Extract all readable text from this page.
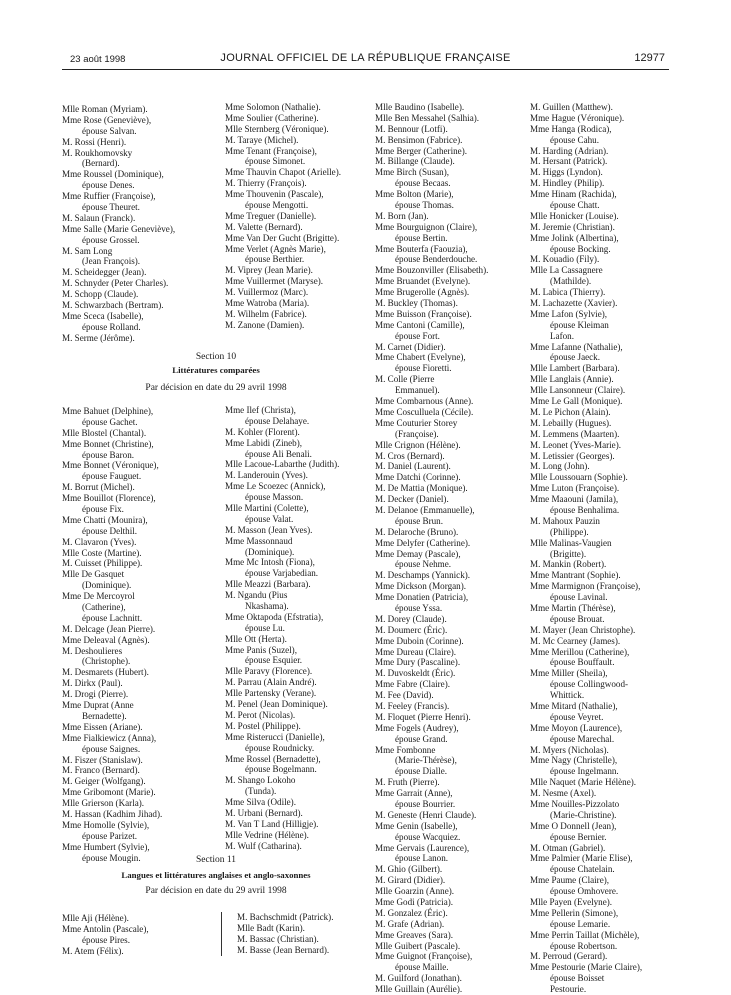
23 août 1998	JOURNAL OFFICIEL DE LA RÉPUBLIQUE FRANÇAISE	12977
Mlle Roman (Myriam).
Mme Rose (Geneviève),
épouse Salvan.
M. Rossi (Henri).
M. Roukhomovsky
(Bernard).
Mme Roussel (Dominique),
épouse Denes.
Mme Ruffier (Françoise),
épouse Theuret.
M. Salaun (Franck).
Mme Salle (Marie Geneviève),
épouse Grossel.
M. Sam Long
(Jean François).
M. Scheidegger (Jean).
M. Schnyder (Peter Charles).
M. Schopp (Claude).
M. Schwarzbach (Bertram).
Mme Sceca (Isabelle),
épouse Rolland.
M. Serme (Jérôme).
Mme Solomon (Nathalie).
Mme Soulier (Catherine).
Mlle Sternberg (Véronique).
M. Taraye (Michel).
Mme Tenant (Françoise),
épouse Simonet.
Mme Thauvin Chapot (Arielle).
M. Thierry (François).
Mme Thouvenin (Pascale),
épouse Mengotti.
Mme Treguer (Danielle).
M. Valette (Bernard).
Mme Van Der Gucht (Brigitte).
Mme Verlet (Agnès Marie),
épouse Berthier.
M. Viprey (Jean Marie).
Mme Vuillermet (Maryse).
M. Vuillermoz (Marc).
Mme Watroba (Maria).
M. Wilhelm (Fabrice).
M. Zanone (Damien).
Section 10
Littératures comparées
Par décision en date du 29 avril 1998
Mme Bahuet (Delphine),
épouse Gachet.
Mlle Blostel (Chantal).
Mme Bonnet (Christine),
épouse Baron.
Mme Bonnet (Véronique),
épouse Fauguet.
M. Borrut (Michel).
Mme Bouillot (Florence),
épouse Fix.
Mme Chatti (Mounira),
épouse Delthil.
M. Clavaron (Yves).
Mlle Coste (Martine).
M. Cuisset (Philippe).
Mlle De Gasquet
(Dominique).
Mme De Mercoyrol
(Catherine),
épouse Lachnitt.
M. Delcage (Jean Pierre).
Mme Deleaval (Agnès).
M. Deshoulieres
(Christophe).
M. Desmarets (Hubert).
M. Dirkx (Paul).
M. Drogi (Pierre).
Mme Duprat (Anne
Bernadette).
Mme Eissen (Ariane).
Mme Fialkiewicz (Anna),
épouse Saignes.
M. Fiszer (Stanislaw).
M. Franco (Bernard).
M. Geiger (Wolfgang).
Mme Gribomont (Marie).
Mlle Grierson (Karla).
M. Hassan (Kadhim Jihad).
Mme Homolle (Sylvie),
épouse Parizet.
Mme Humbert (Sylvie),
épouse Mougin.
Mme Ilef (Christa),
épouse Delahaye.
M. Kohler (Florent).
Mme Labidi (Zineb),
épouse Ali Benali.
Mlle Lacoue-Labarthe (Judith).
M. Landerouin (Yves).
Mme Le Scoezec (Annick),
épouse Masson.
Mlle Martini (Colette),
épouse Valat.
M. Masson (Jean Yves).
Mme Massonnaud
(Dominique).
Mme Mc Intosh (Fiona),
épouse Varjabedian.
Mlle Meazzi (Barbara).
M. Ngandu (Pius
Nkashama).
Mme Oktapoda (Efstratia),
épouse Lu.
Mlle Ott (Herta).
Mme Panis (Suzel),
épouse Esquier.
Mlle Paravy (Florence).
M. Parrau (Alain André).
Mlle Partensky (Verane).
M. Penel (Jean Dominique).
M. Perot (Nicolas).
M. Postel (Philippe).
Mme Risterucci (Danielle),
épouse Roudnicky.
Mme Rossel (Bernadette),
épouse Bogelmann.
M. Shango Lokoho
(Tunda).
Mme Silva (Odile).
M. Urbani (Bernard).
M. Van T Land (Hilligje).
Mlle Vedrine (Hélène).
M. Wulf (Catharina).
Section 11
Langues et littératures anglaises et anglo-saxonnes
Par décision en date du 29 avril 1998
Mlle Aji (Hélène).
Mme Antolin (Pascale),
épouse Pires.
M. Atem (Félix).
M. Bachschmidt (Patrick).
Mlle Badt (Karin).
M. Bassac (Christian).
M. Basse (Jean Bernard).
Mlle Baudino (Isabelle).
Mlle Ben Messahel (Salhia).
M. Bennour (Lotfi).
M. Bensimon (Fabrice).
Mme Berger (Catherine).
M. Billange (Claude).
Mme Birch (Susan),
épouse Becaas.
Mme Bolton (Marie),
épouse Thomas.
M. Born (Jan).
Mme Bourguignon (Claire),
épouse Bertin.
Mme Bouterfa (Faouzia),
épouse Benderdouche.
Mme Bouzonviller (Elisabeth).
Mme Bruandet (Evelyne).
Mme Brugerolle (Agnès).
M. Buckley (Thomas).
Mme Buisson (Françoise).
Mme Cantoni (Camille),
épouse Fort.
M. Carnet (Didier).
Mme Chabert (Evelyne),
épouse Fioretti.
M. Colle (Pierre
Emmanuel).
Mme Combarnous (Anne).
Mme Cosculluela (Cécile).
Mme Couturier Storey
(Françoise).
Mlle Crignon (Hélène).
M. Cros (Bernard).
M. Daniel (Laurent).
Mme Datchi (Corinne).
M. De Mattia (Monique).
M. Decker (Daniel).
M. Delanoe (Emmanuelle),
épouse Brun.
M. Delaroche (Bruno).
Mme Delyfer (Catherine).
Mme Demay (Pascale),
épouse Nehme.
M. Deschamps (Yannick).
Mme Dickson (Morgan).
Mme Donatien (Patricia),
épouse Yssa.
M. Dorey (Claude).
M. Doumerc (Éric).
Mme Duboin (Corinne).
Mme Dureau (Claire).
Mme Dury (Pascaline).
M. Duvoskeldt (Éric).
Mme Fabre (Claire).
M. Fee (David).
M. Feeley (Francis).
M. Floquet (Pierre Henri).
Mme Fogels (Audrey),
épouse Grand.
Mme Fombonne
(Marie-Thérèse),
épouse Dialle.
M. Fruth (Pierre).
Mme Garrait (Anne),
épouse Bourrier.
M. Geneste (Henri Claude).
Mme Genin (Isabelle),
épouse Wacquiez.
Mme Gervais (Laurence),
épouse Lanon.
M. Ghio (Gilbert).
M. Girard (Didier).
Mlle Goarzin (Anne).
Mme Godi (Patricia).
M. Gonzalez (Éric).
M. Grafe (Adrian).
Mme Greaves (Sara).
Mlle Guibert (Pascale).
Mme Guignot (Françoise),
épouse Maille.
M. Guilford (Jonathan).
Mlle Guillain (Aurélie).
M. Guillen (Matthew).
Mme Hague (Véronique).
Mme Hanga (Rodica),
épouse Cahu.
M. Harding (Adrian).
M. Hersant (Patrick).
M. Higgs (Lyndon).
M. Hindley (Philip).
Mme Hinam (Rachida),
épouse Chatt.
Mlle Honicker (Louise).
M. Jeremie (Christian).
Mme Jolink (Albertina),
épouse Bocking.
M. Kouadio (Fily).
Mlle La Cassagnere
(Mathilde).
M. Labica (Thierry).
M. Lachazette (Xavier).
Mme Lafon (Sylvie),
épouse Kleiman
Lafon.
Mme Lafanne (Nathalie),
épouse Jaeck.
Mlle Lambert (Barbara).
Mlle Langlais (Annie).
Mlle Lansonneur (Claire).
Mme Le Gall (Monique).
M. Le Pichon (Alain).
M. Lebailly (Hugues).
M. Lemmens (Maarten).
M. Leonet (Yves-Marie).
M. Letissier (Georges).
M. Long (John).
Mlle Loussouarn (Sophie).
Mme Luton (Françoise).
Mme Maaouni (Jamila),
épouse Benhalima.
M. Mahoux Pauzin
(Philippe).
Mlle Malinas-Vaugien
(Brigitte).
M. Mankin (Robert).
Mme Mantrant (Sophie).
Mme Marmignon (Françoise),
épouse Lavinal.
Mme Martin (Thérèse),
épouse Brouat.
M. Mayer (Jean Christophe).
M. Mc Cearney (James).
Mme Merillou (Catherine),
épouse Bouffault.
Mme Miller (Sheila),
épouse Collingwood-
Whittick.
Mme Mitard (Nathalie),
épouse Veyret.
Mme Moyon (Laurence),
épouse Marechal.
M. Myers (Nicholas).
Mme Nagy (Christelle),
épouse Ingelmann.
Mlle Naquet (Marie Hélène).
M. Nesme (Axel).
Mme Nouilles-Pizzolato
(Marie-Christine).
Mme O Donnell (Jean),
épouse Bernier.
M. Otman (Gabriel).
Mme Palmier (Marie Elise),
épouse Chatelain.
Mme Paume (Claire),
épouse Omhovere.
Mlle Payen (Evelyne).
Mme Pellerin (Simone),
épouse Lemarie.
Mme Perrin Taillat (Michèle),
épouse Robertson.
M. Perroud (Gerard).
Mme Pestourie (Marie Claire),
épouse Boisset
Pestourie.
